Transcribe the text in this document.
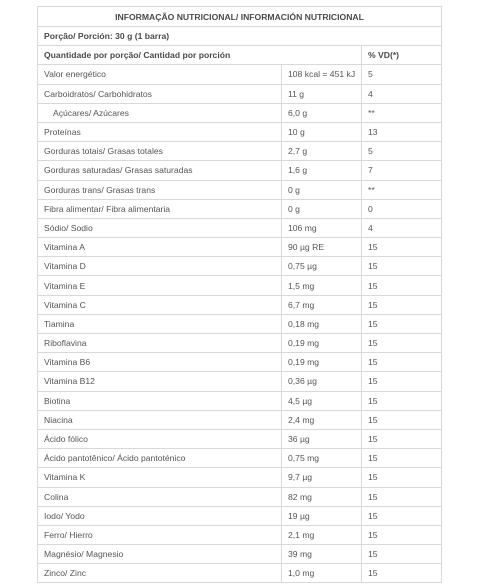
INFORMAÇÃO NUTRICIONAL/ INFORMACIÓN NUTRICIONAL		
Porção/ Porción: 30 g (1 barra)		
Quantidade por porção/ Cantidad por porción		% VD(*)
Valor energético	108 kcal = 451 kJ	5
Carboidratos/ Carbohidratos	11 g	4
Açúcares/ Azúcares	6,0 g	**
Proteínas	10 g	13
Gorduras totais/ Grasas totales	2,7 g	5
Gorduras saturadas/ Grasas saturadas	1,6 g	7
Gorduras trans/ Grasas trans	0 g	**
Fibra alimentar/ Fibra alimentaria	0 g	0
Sódio/ Sodio	106 mg	4
Vitamina A	90 µg RE	15
Vitamina D	0,75 µg	15
Vitamina E	1,5 mg	15
Vitamina C	6,7 mg	15
Tiamina	0,18 mg	15
Riboflavina	0,19 mg	15
Vitamina B6	0,19 mg	15
Vitamina B12	0,36 µg	15
Biotina	4,5 µg	15
Niacina	2,4 mg	15
Ácido fólico	36 µg	15
Ácido pantotênico/ Ácido pantoténico	0,75 mg	15
Vitamina K	9,7 µg	15
Colina	82 mg	15
Iodo/ Yodo	19 µg	15
Ferro/ Hierro	2,1 mg	15
Magnésio/ Magnesio	39 mg	15
Zinco/ Zinc	1,0 mg	15
